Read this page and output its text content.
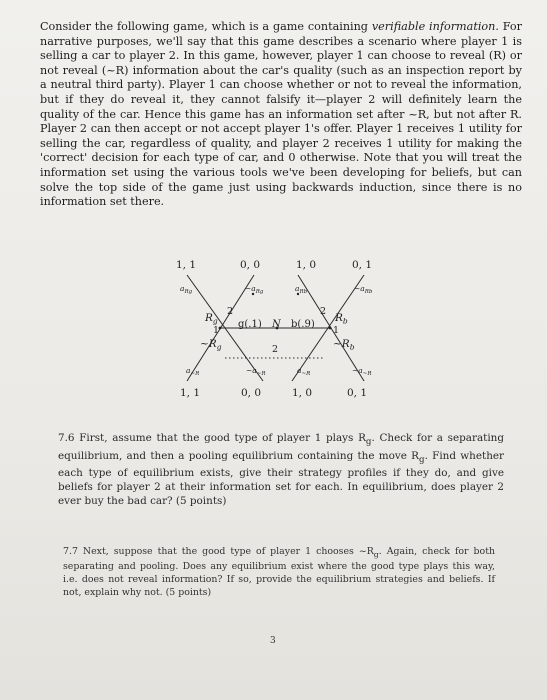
Consider the following game, which is a game containing verifiable information. For narrative purposes, we'll say that this game describes a scenario where player 1 is selling a car to player 2. In this game, however, player 1 can choose to reveal (R) or not reveal (~R) information about the car's quality (such as an inspection report by a neutral third party). Player 1 can choose whether or not to reveal the information, but if they do reveal it, they cannot falsify it—player 2 will definitely learn the quality of the car. Hence this game has an information set after ~R, but not after R. Player 2 can then accept or not accept player 1's offer. Player 1 receives 1 utility for selling the car, regardless of quality, and player 2 receives 1 utility for making the 'correct' decision for each type of car, and 0 otherwise. Note that you will treat the information set using the various tools we've been developing for beliefs, but can solve the top side of the game just using backwards induction, since there is no information set there.

1, 1	0, 0	1, 0	0, 1
1, 1	0, 0	1, 0	0, 1
$a_{Rg}$	$\sim a_{Rg}$	$a_{Rb}$	$\sim a_{Rb}$
$a_{\sim R}$	$\sim a_{\sim R}$	$a_{\sim R}$	$\sim a_{\sim R}$
$R_g$
$\sim R_g$
$R_b$
$\sim R_b$
1	1
2	2
2
g(.1) N b(.9)

7.6 First, assume that the good type of player 1 plays $R_g$. Check for a separating equilibrium, and then a pooling equilibrium containing the move $R_g$. Find whether each type of equilibrium exists, give their strategy profiles if they do, and give beliefs for player 2 at their information set for each. In equilibrium, does player 2 ever buy the bad car? (5 points)

7.7 Next, suppose that the good type of player 1 chooses $\sim R_g$. Again, check for both separating and pooling. Does any equilibrium exist where the good type plays this way, i.e. does not reveal information? If so, provide the equilibrium strategies and beliefs. If not, explain why not. (5 points)

3
